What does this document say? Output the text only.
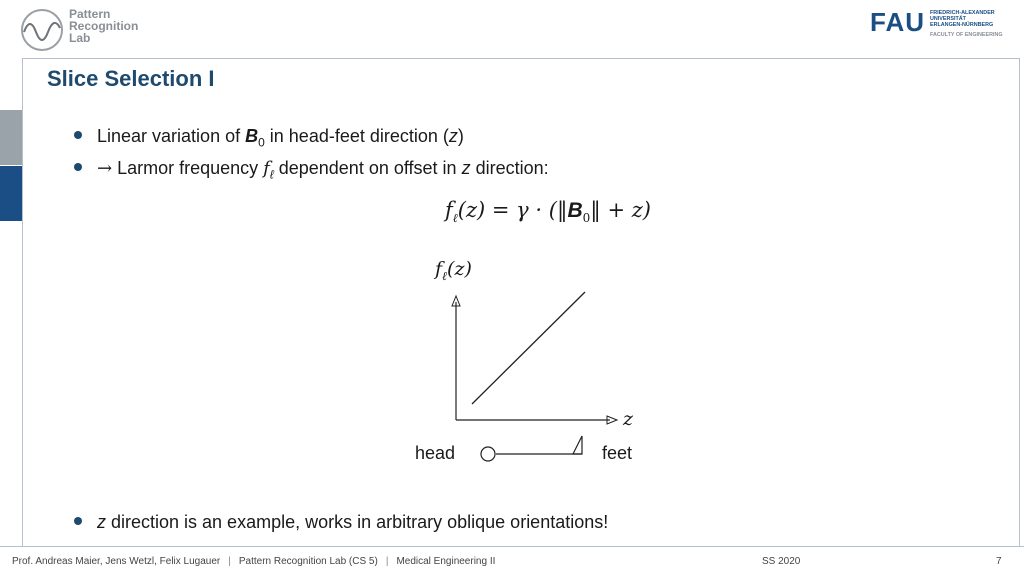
Pattern
Recognition
Lab
FAU FRIEDRICH-ALEXANDER
UNIVERSITÄT
ERLANGEN-NÜRNBERG
FACULTY OF ENGINEERING
Slice Selection I
Linear variation of $B_0$ in head-feet direction (z)
→ Larmor frequency $f_\ell$ dependent on offset in z direction:
$f_\ell(z) = \gamma$ · $(‖B_0‖ + z)$
$f_\ell(z)$
z
head	feet
z direction is an example, works in arbitrary oblique orientations!
Prof. Andreas Maier, Jens Wetzl, Felix Lugauer | Pattern Recognition Lab (CS 5) | Medical Engineering II	SS 2020	7
